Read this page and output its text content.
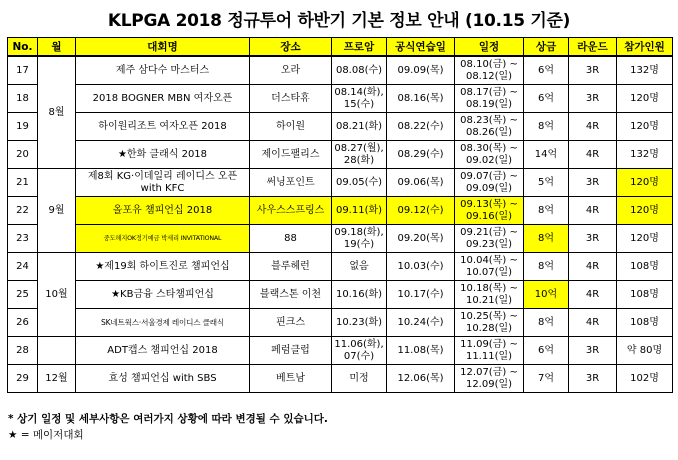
KLPGA 2018 정규투어 하반기 기본 정보 안내 (10.15 기준)
No.	월	대회명	장소	프로암	공식연습일	일정	상금	라운드	참가인원
17	8월	제주 삼다수 마스터스	오라	08.08(수)	09.09(목)	08.10(금) ~
08.12(일)	6억	3R	132명
18		2018 BOGNER MBN 여자오픈	더스타휴	08.14(화), 15(수)	08.16(목)	08.17(금) ~
08.19(일)	6억	3R	120명
19		하이원리조트 여자오픈 2018	하이원	08.21(화)	08.22(수)	08.23(목) ~
08.26(일)	8억	4R	120명
20		★한화 클래식 2018	제이드팰리스	08.27(월), 28(화)	08.29(수)	08.30(목) ~
09.02(일)	14억	4R	132명
21	9월	제8회 KG·이데일리 레이디스 오픈 with KFC	써닝포인트	09.05(수)	09.06(목)	09.07(금) ~
09.09(일)	5억	3R	120명
22		올포유 챔피언십 2018	사우스스프링스	09.11(화)	09.12(수)	09.13(목) ~
09.16(일)	8억	4R	120명
23		중도해지OK정기예금 박세리 INVITATIONAL	88	09.18(화), 19(수)	09.20(목)	09.21(금) ~
09.23(일)	8억	3R	120명
24	10월	★제19회 하이트진로 챔피언십	블루헤런	없음	10.03(수)	10.04(목) ~
10.07(일)	8억	4R	108명
25		★KB금융 스타챔피언십	블랙스톤 이천	10.16(화)	10.17(수)	10.18(목) ~
10.21(일)	10억	4R	108명
26		SK네트웍스·서울경제 레이디스 클래식	핀크스	10.23(화)	10.24(수)	10.25(목) ~
10.28(일)	8억	4R	108명
28		ADT캡스 챔피언십 2018	페럼클럽	11.06(화), 07(수)	11.08(목)	11.09(금) ~
11.11(일)	6억	3R	약 80명
29	12월	효성 챔피언십 with SBS	베트남	미정	12.06(목)	12.07(금) ~
12.09(일)	7억	3R	102명
* 상기 일정 및 세부사항은 여러가지 상황에 따라 변경될 수 있습니다.
★ = 메이저대회
